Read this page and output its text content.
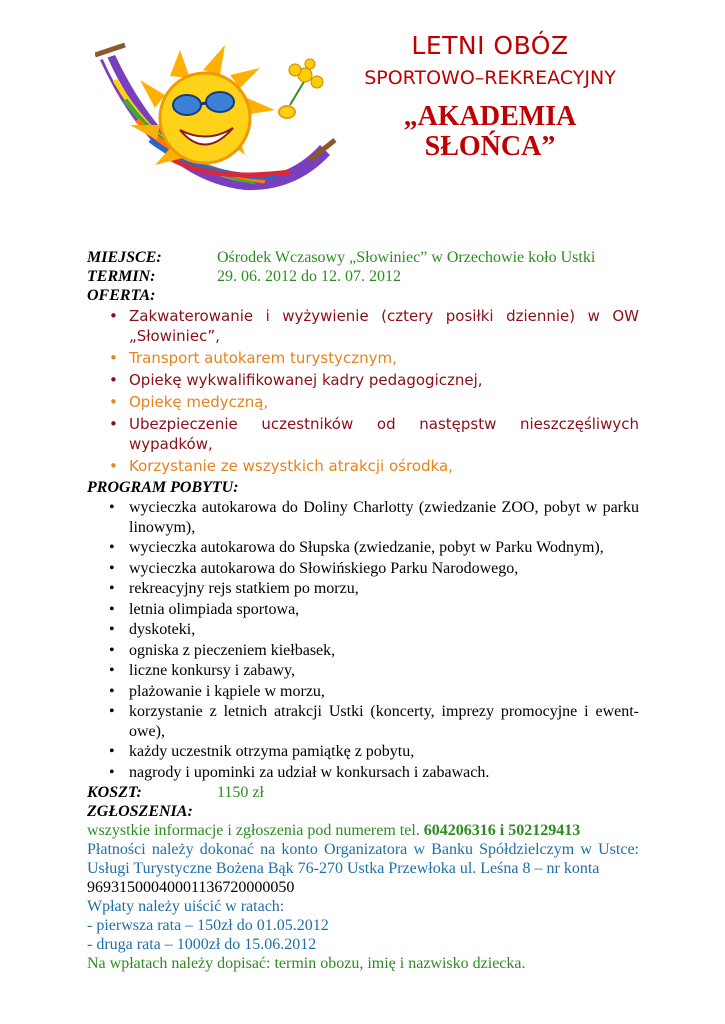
LETNI OBÓZ
SPORTOWO–REKREACYJNY
„AKADEMIA
SŁOŃCA”
MIEJSCE:	Ośrodek Wczasowy „Słowiniec” w Orzechowie koło Ustki
TERMIN:	29. 06. 2012 do 12. 07. 2012
OFERTA:
• Zakwaterowanie i wyżywienie (cztery posiłki dziennie) w OW „Słowiniec”,
• Transport autokarem turystycznym,
• Opiekę wykwalifikowanej kadry pedagogicznej,
• Opiekę medyczną,
• Ubezpieczenie uczestników od następstw nieszczęśliwych wypadków,
• Korzystanie ze wszystkich atrakcji ośrodka,
PROGRAM POBYTU:
• wycieczka autokarowa do Doliny Charlotty (zwiedzanie ZOO, pobyt w parku linowym),
• wycieczka autokarowa do Słupska (zwiedzanie, pobyt w Parku Wodnym),
• wycieczka autokarowa do Słowińskiego Parku Narodowego,
• rekreacyjny rejs statkiem po morzu,
• letnia olimpiada sportowa,
• dyskoteki,
• ogniska z pieczeniem kiełbasek,
• liczne konkursy i zabawy,
• plażowanie i kąpiele w morzu,
• korzystanie z letnich atrakcji Ustki (koncerty, imprezy promocyjne i ewent-owe),
• każdy uczestnik otrzyma pamiątkę z pobytu,
• nagrody i upominki za udział w konkursach i zabawach.
KOSZT:	1150 zł
ZGŁOSZENIA:
wszystkie informacje i zgłoszenia pod numerem tel. 604206316 i 502129413
Płatności należy dokonać na konto Organizatora w Banku Spółdzielczym w Ustce: Usługi Turystyczne Bożena Bąk 76-270 Ustka Przewłoka ul. Leśna 8 – nr konta
96931500040001136720000050
Wpłaty należy uiścić w ratach:
- pierwsza rata – 150zł do 01.05.2012
- druga rata – 1000zł do 15.06.2012
Na wpłatach należy dopisać: termin obozu, imię i nazwisko dziecka.
